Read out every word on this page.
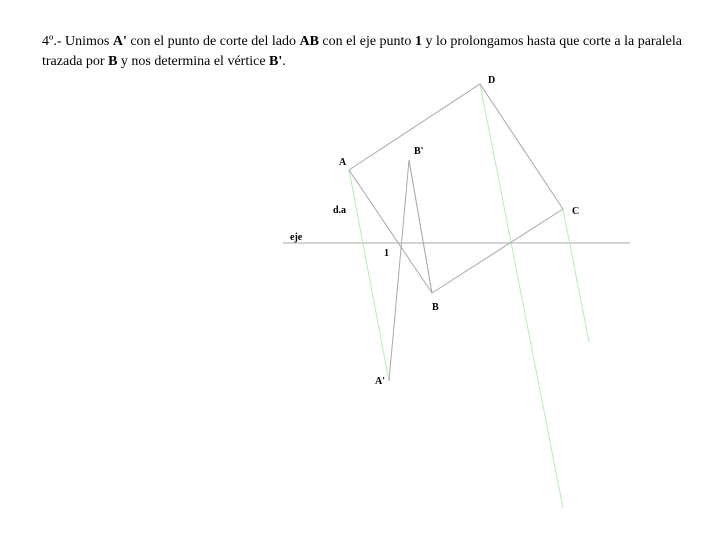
4º.- Unimos A' con el punto de corte del lado AB con el eje punto 1 y lo prolongamos hasta que corte a la paralela trazada por B y nos determina el vértice B'.
A
B
C
D
B'
A'
1
eje
d.a
